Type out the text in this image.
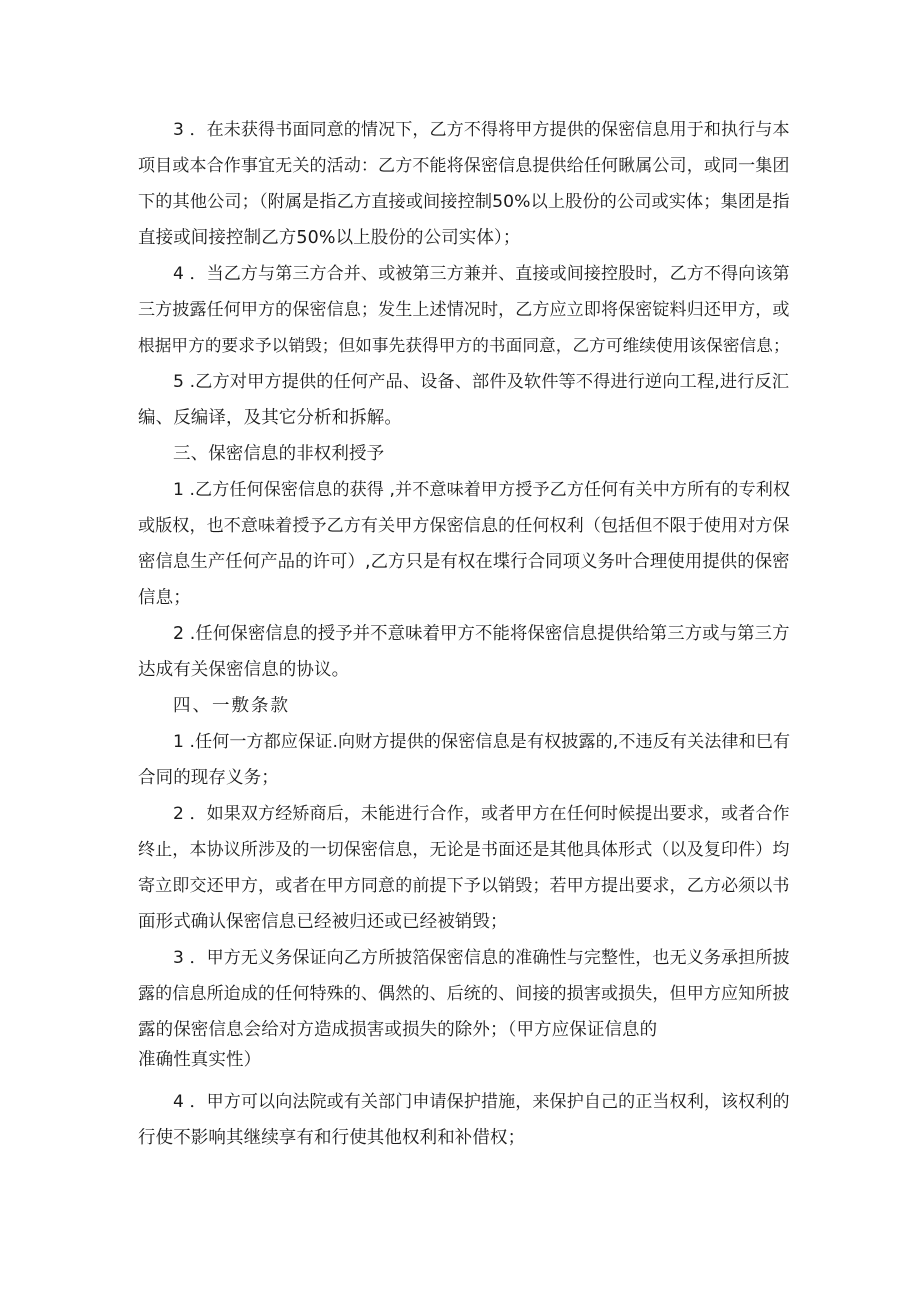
3 ．在未获得书面同意的情况下，乙方不得将甲方提供的保密信息用于和执行与本
项目或本合作事宜无关的活动：乙方不能将保密信息提供给任何瞅属公司，或同一集团
下的其他公司；（附属是指乙方直接或间接控制50%以上股份的公司或实体；集团是指
直接或间接控制乙方50%以上股份的公司实体）；
4 ．当乙方与第三方合并、或被第三方兼并、直接或间接控股时，乙方不得向该第
三方披露任何甲方的保密信息；发生上述情况时，乙方应立即将保密锭料归还甲方，或
根据甲方的要求予以销毁；但如事先获得甲方的书面同意，乙方可维续使用该保密信息；
5 .乙方对甲方提供的任何产品、设备、部件及软件等不得进行逆向工程,进行反汇
编、反编译，及其它分析和拆解。
三、保密信息的非权利授予
1 .乙方任何保密信息的获得 ,并不意味着甲方授予乙方任何有关中方所有的专利权
或版权，也不意味着授予乙方有关甲方保密信息的任何权利（包括但不限于使用对方保
密信息生产任何产品的许可）,乙方只是有权在堞行合同项义务叶合理使用提供的保密
信息；
2 .任何保密信息的授予并不意味着甲方不能将保密信息提供给第三方或与第三方
达成有关保密信息的协议。
四、一敷条款
1 .任何一方都应保证.向财方提供的保密信息是有权披露的,不违反有关法律和巳有
合同的现存义务；
2 ．如果双方经矫商后，未能进行合作，或者甲方在任何时候提出要求，或者合作
终止，本协议所涉及的一切保密信息，无论是书面还是其他具体形式（以及复印件）均
寄立即交还甲方，或者在甲方同意的前提下予以销毁；若甲方提出要求，乙方必须以书
面形式确认保密信息已经被归还或已经被销毁；
3 ．甲方无义务保证向乙方所披箔保密信息的准确性与完整性，也无义务承担所披
露的信息所迨成的任何特殊的、偶然的、后统的、间接的损害或损失，但甲方应知所披
露的保密信息会给对方造成损害或损失的除外；（甲方应保证信息的
准确性真实性）
4 ．甲方可以向法院或有关部门申请保护措施，来保护自己的正当权利，该权利的
行使不影响其继续享有和行使其他权利和补借权；
